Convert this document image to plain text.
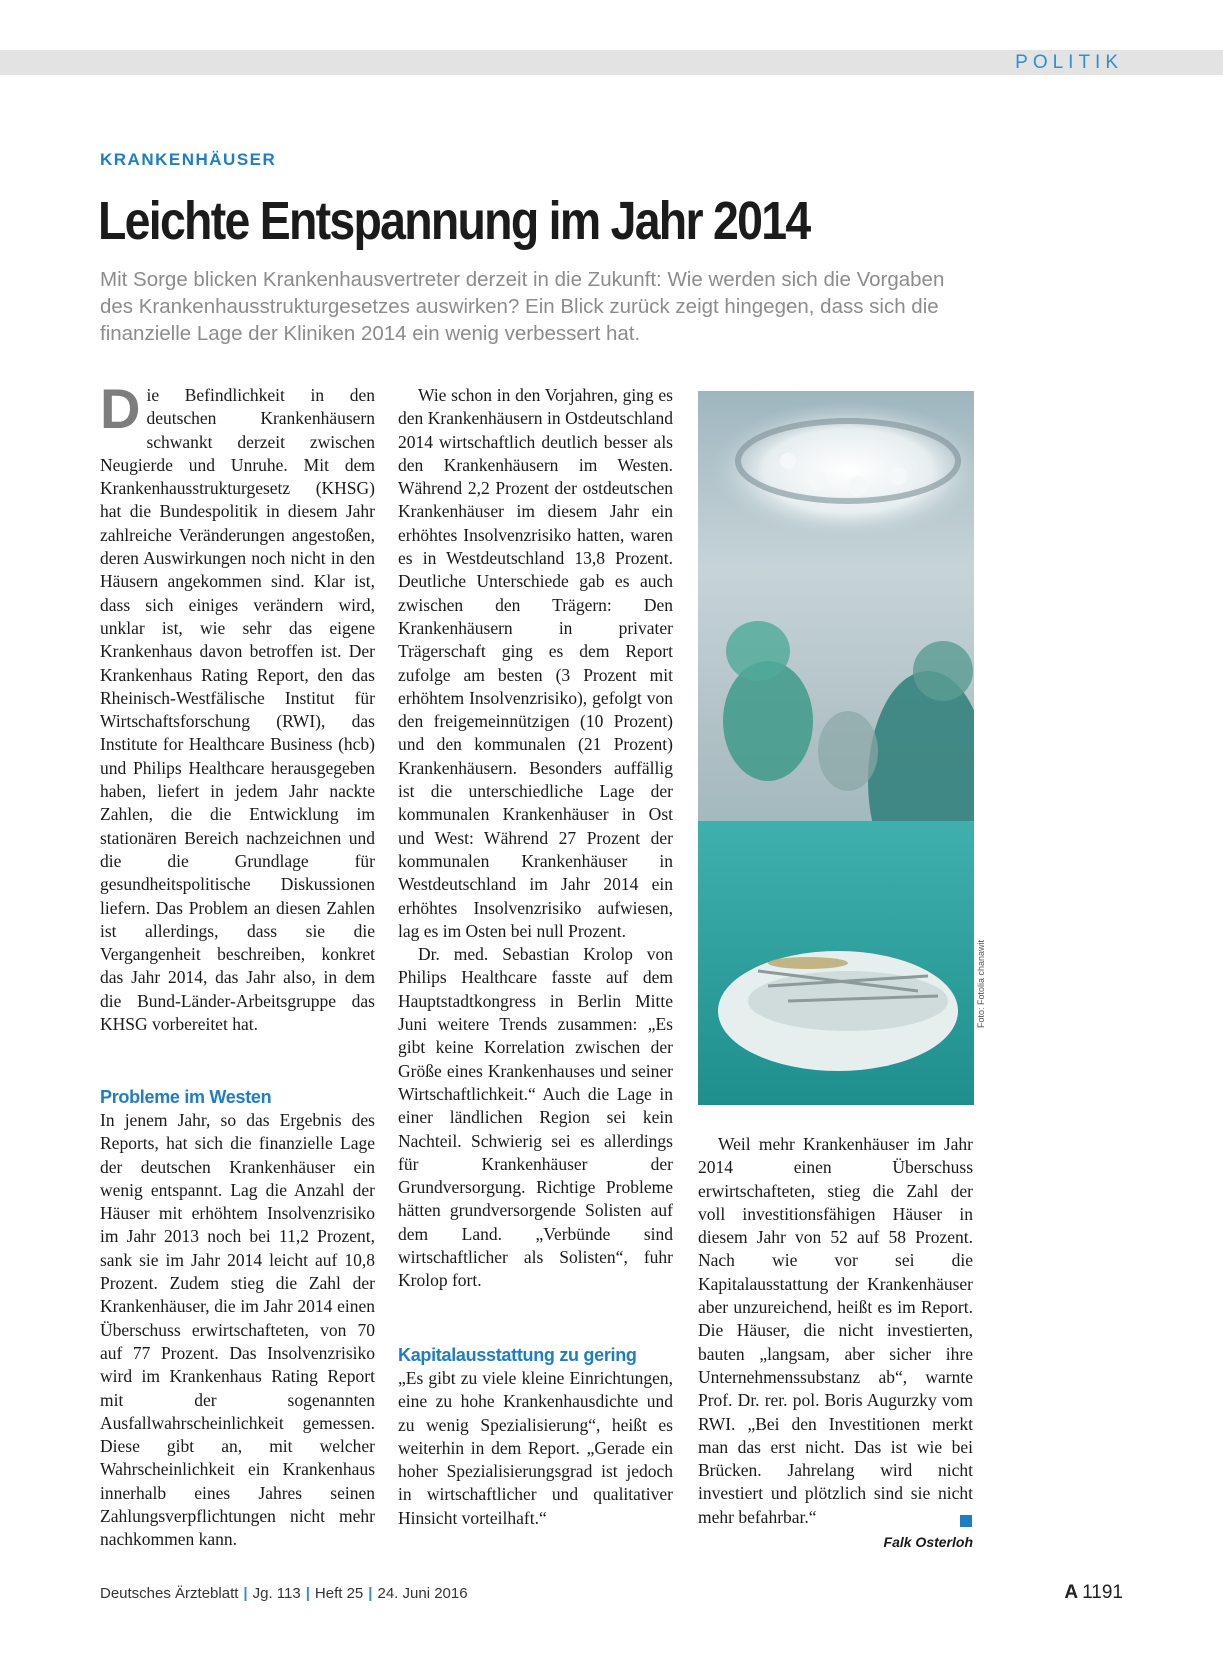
POLITIK
KRANKENHÄUSER
Leichte Entspannung im Jahr 2014
Mit Sorge blicken Krankenhausvertreter derzeit in die Zukunft: Wie werden sich die Vorgaben des Krankenhausstrukturgesetzes auswirken? Ein Blick zurück zeigt hingegen, dass sich die finanzielle Lage der Kliniken 2014 ein wenig verbessert hat.

Die Befindlichkeit in den deutschen Krankenhäusern schwankt derzeit zwischen Neugierde und Unruhe. Mit dem Krankenhausstrukturgesetz (KHSG) hat die Bundespolitik in diesem Jahr zahlreiche Veränderungen angestoßen, deren Auswirkungen noch nicht in den Häusern angekommen sind. Klar ist, dass sich einiges verändern wird, unklar ist, wie sehr das eigene Krankenhaus davon betroffen ist. Der Krankenhaus Rating Report, den das Rheinisch-Westfälische Institut für Wirtschaftsforschung (RWI), das Institute for Healthcare Business (hcb) und Philips Healthcare herausgegeben haben, liefert in jedem Jahr nackte Zahlen, die die Entwicklung im stationären Bereich nachzeichnen und die die Grundlage für gesundheitspolitische Diskussionen liefern. Das Problem an diesen Zahlen ist allerdings, dass sie die Vergangenheit beschreiben, konkret das Jahr 2014, das Jahr also, in dem die Bund-Länder-Arbeitsgruppe das KHSG vorbereitet hat.

Probleme im Westen

In jenem Jahr, so das Ergebnis des Reports, hat sich die finanzielle Lage der deutschen Krankenhäuser ein wenig entspannt. Lag die Anzahl der Häuser mit erhöhtem Insolvenzrisiko im Jahr 2013 noch bei 11,2 Prozent, sank sie im Jahr 2014 leicht auf 10,8 Prozent. Zudem stieg die Zahl der Krankenhäuser, die im Jahr 2014 einen Überschuss erwirtschafteten, von 70 auf 77 Prozent. Das Insolvenzrisiko wird im Krankenhaus Rating Report mit der sogenannten Ausfallwahrscheinlichkeit gemessen. Diese gibt an, mit welcher Wahrscheinlichkeit ein Krankenhaus innerhalb eines Jahres seinen Zahlungsverpflichtungen nicht mehr nachkommen kann.

Wie schon in den Vorjahren, ging es den Krankenhäusern in Ostdeutschland 2014 wirtschaftlich deutlich besser als den Krankenhäusern im Westen. Während 2,2 Prozent der ostdeutschen Krankenhäuser im diesem Jahr ein erhöhtes Insolvenzrisiko hatten, waren es in Westdeutschland 13,8 Prozent. Deutliche Unterschiede gab es auch zwischen den Trägern: Den Krankenhäusern in privater Trägerschaft ging es dem Report zufolge am besten (3 Prozent mit erhöhtem Insolvenzrisiko), gefolgt von den freigemeinnützigen (10 Prozent) und den kommunalen (21 Prozent) Krankenhäusern. Besonders auffällig ist die unterschiedliche Lage der kommunalen Krankenhäuser in Ost und West: Während 27 Prozent der kommunalen Krankenhäuser in Westdeutschland im Jahr 2014 ein erhöhtes Insolvenzrisiko aufwiesen, lag es im Osten bei null Prozent.

Dr. med. Sebastian Krolop von Philips Healthcare fasste auf dem Hauptstadtkongress in Berlin Mitte Juni weitere Trends zusammen: „Es gibt keine Korrelation zwischen der Größe eines Krankenhauses und seiner Wirtschaftlichkeit.“ Auch die Lage in einer ländlichen Region sei kein Nachteil. Schwierig sei es allerdings für Krankenhäuser der Grundversorgung. Richtige Probleme hätten grundversorgende Solisten auf dem Land. „Verbünde sind wirtschaftlicher als Solisten“, fuhr Krolop fort.

Kapitalausstattung zu gering

„Es gibt zu viele kleine Einrichtungen, eine zu hohe Krankenhausdichte und zu wenig Spezialisierung“, heißt es weiterhin in dem Report. „Gerade ein hoher Spezialisierungsgrad ist jedoch in wirtschaftlicher und qualitativer Hinsicht vorteilhaft.“

Foto: Fotolia chanawit

Weil mehr Krankenhäuser im Jahr 2014 einen Überschuss erwirtschafteten, stieg die Zahl der voll investitionsfähigen Häuser in diesem Jahr von 52 auf 58 Prozent. Nach wie vor sei die Kapitalausstattung der Krankenhäuser aber unzureichend, heißt es im Report. Die Häuser, die nicht investierten, bauten „langsam, aber sicher ihre Unternehmenssubstanz ab“, warnte Prof. Dr. rer. pol. Boris Augurzky vom RWI. „Bei den Investitionen merkt man das erst nicht. Das ist wie bei Brücken. Jahrelang wird nicht investiert und plötzlich sind sie nicht mehr befahrbar.“

Falk Osterloh
Deutsches Ärzteblatt | Jg. 113 | Heft 25 | 24. Juni 2016	A 1191
